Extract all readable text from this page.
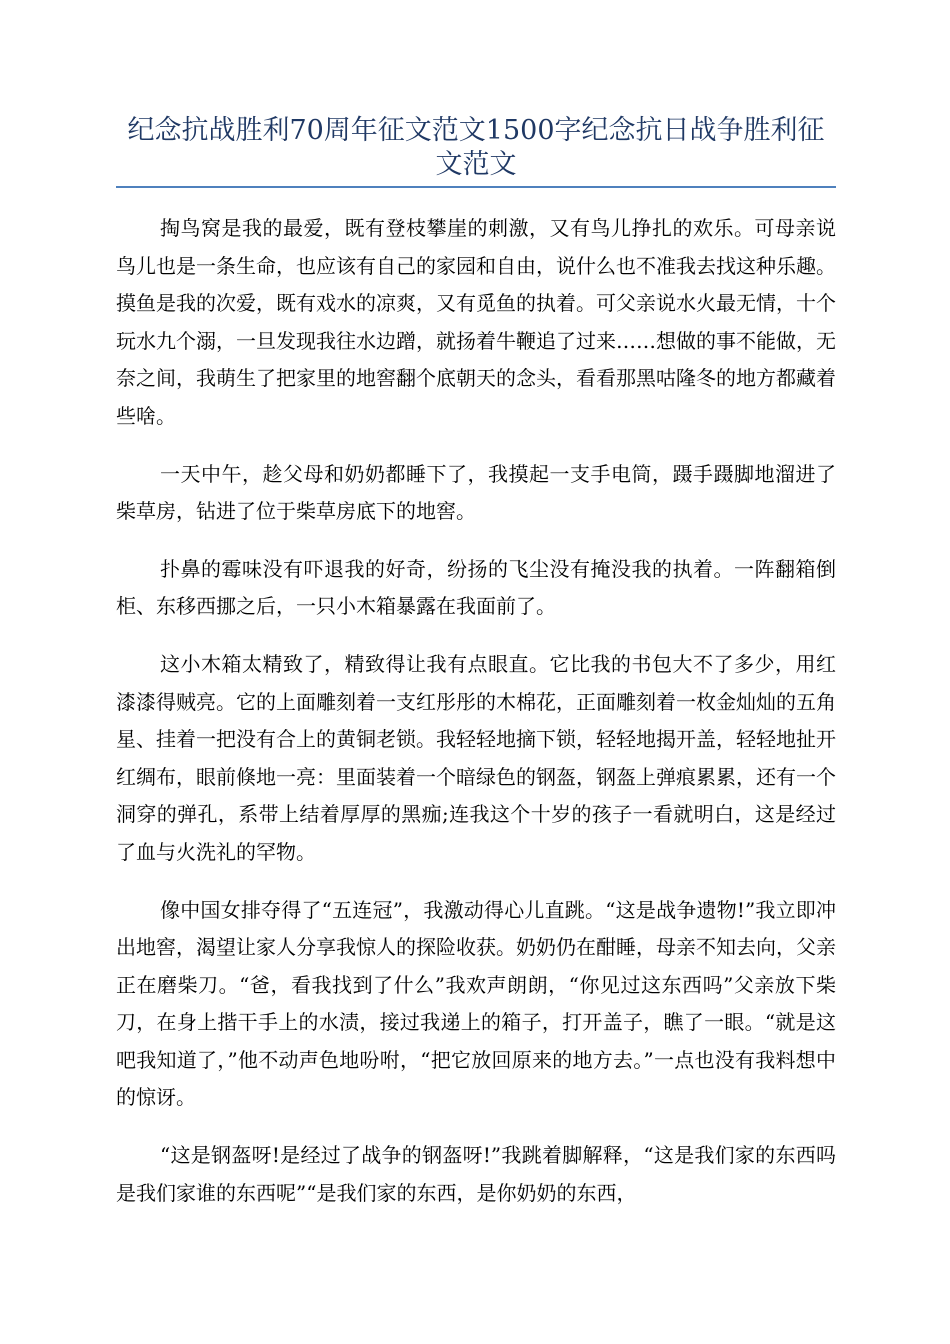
纪念抗战胜利70周年征文范文1500字纪念抗日战争胜利征文范文

掏鸟窝是我的最爱，既有登枝攀崖的刺激，又有鸟儿挣扎的欢乐。可母亲说鸟儿也是一条生命，也应该有自己的家园和自由，说什么也不准我去找这种乐趣。摸鱼是我的次爱，既有戏水的凉爽，又有觅鱼的执着。可父亲说水火最无情，十个玩水九个溺，一旦发现我往水边蹭，就扬着牛鞭追了过来……想做的事不能做，无奈之间，我萌生了把家里的地窖翻个底朝天的念头，看看那黑咕隆冬的地方都藏着些啥。

一天中午，趁父母和奶奶都睡下了，我摸起一支手电筒，蹑手蹑脚地溜进了柴草房，钻进了位于柴草房底下的地窖。

扑鼻的霉味没有吓退我的好奇，纷扬的飞尘没有掩没我的执着。一阵翻箱倒柜、东移西挪之后，一只小木箱暴露在我面前了。

这小木箱太精致了，精致得让我有点眼直。它比我的书包大不了多少，用红漆漆得贼亮。它的上面雕刻着一支红彤彤的木棉花，正面雕刻着一枚金灿灿的五角星、挂着一把没有合上的黄铜老锁。我轻轻地摘下锁，轻轻地揭开盖，轻轻地扯开红绸布，眼前倏地一亮：里面装着一个暗绿色的钢盔，钢盔上弹痕累累，还有一个洞穿的弹孔，系带上结着厚厚的黑痂;连我这个十岁的孩子一看就明白，这是经过了血与火洗礼的罕物。

像中国女排夺得了“五连冠”，我激动得心儿直跳。“这是战争遗物!”我立即冲出地窖，渴望让家人分享我惊人的探险收获。奶奶仍在酣睡，母亲不知去向，父亲正在磨柴刀。“爸，看我找到了什么”我欢声朗朗，“你见过这东西吗”父亲放下柴刀，在身上揩干手上的水渍，接过我递上的箱子，打开盖子，瞧了一眼。“就是这吧我知道了，”他不动声色地吩咐，“把它放回原来的地方去。”一点也没有我料想中的惊讶。

“这是钢盔呀!是经过了战争的钢盔呀!”我跳着脚解释，“这是我们家的东西吗是我们家谁的东西呢”“是我们家的东西，是你奶奶的东西，
